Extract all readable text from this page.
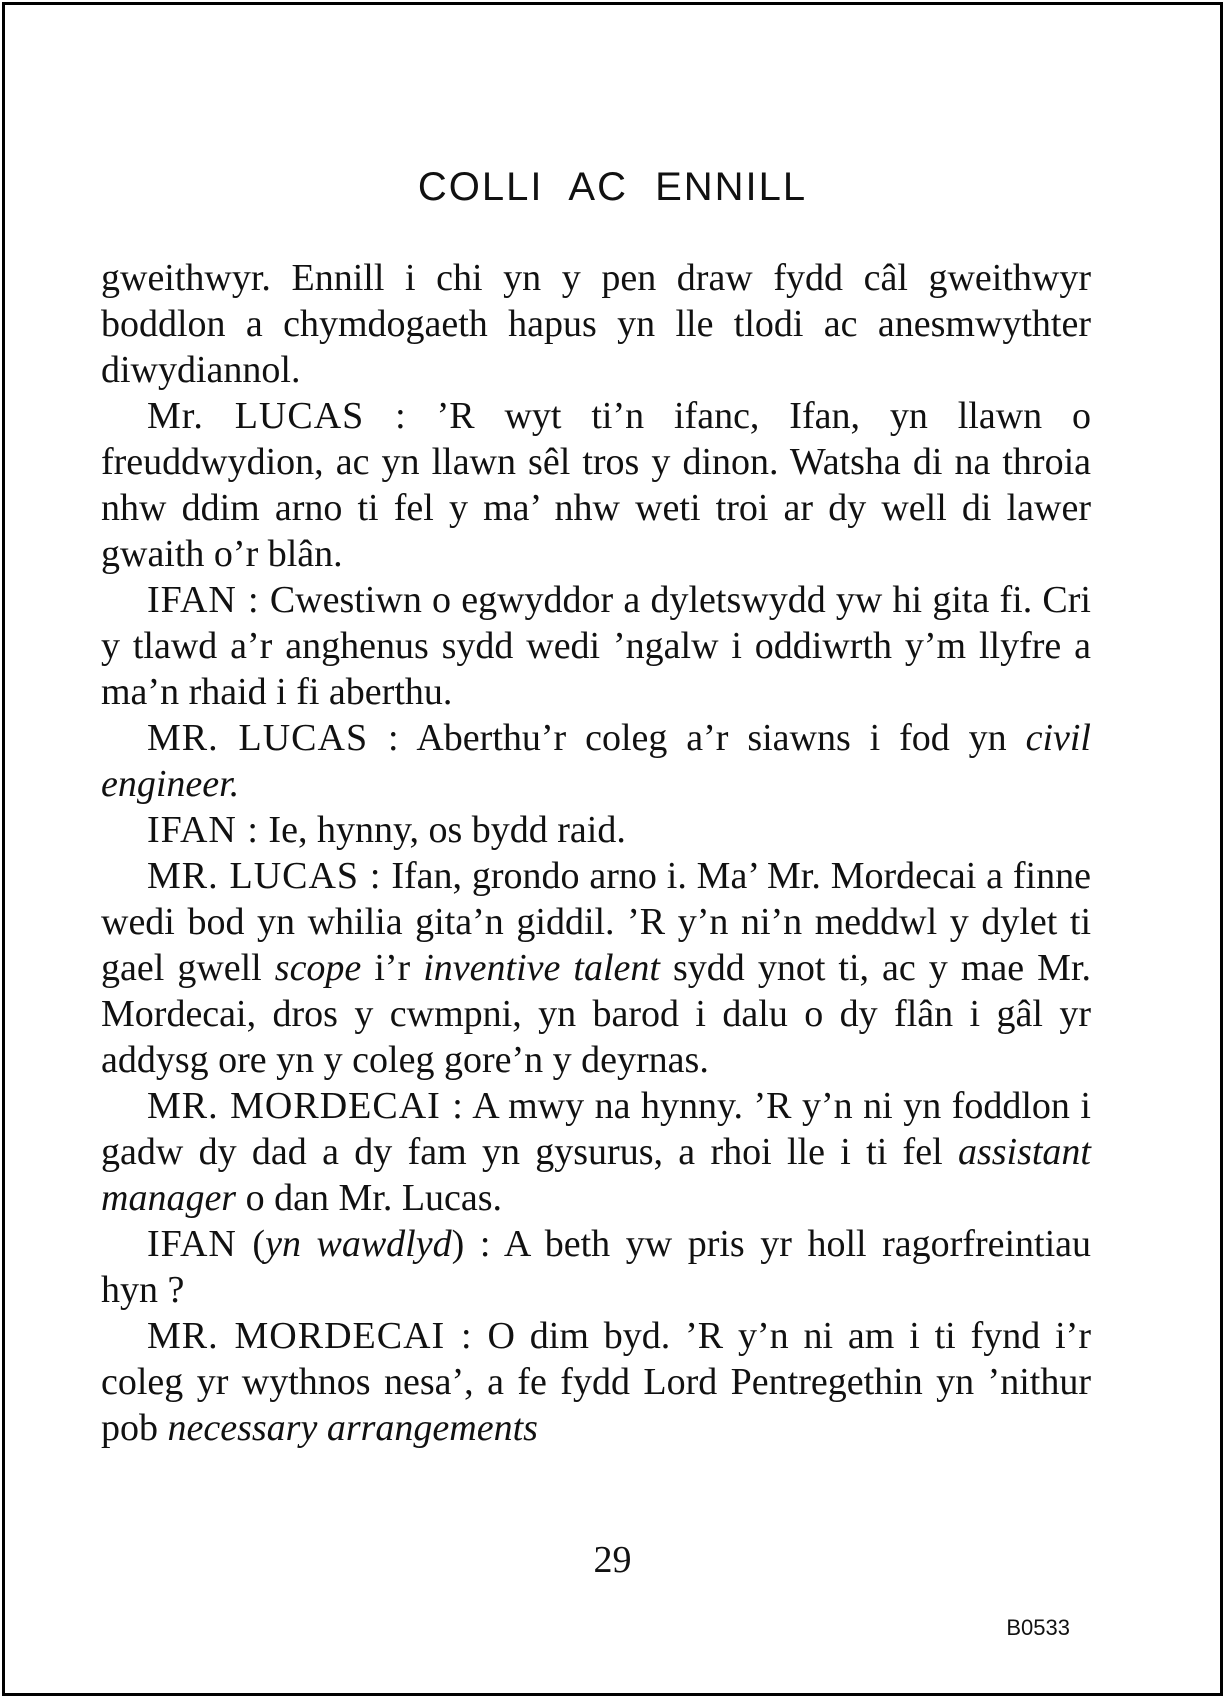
COLLI AC ENNILL

gweithwyr. Ennill i chi yn y pen draw fydd câl gweithwyr boddlon a chymdogaeth hapus yn lle tlodi ac anesmwythter diwydiannol.

Mr. LUCAS : ’R wyt ti’n ifanc, Ifan, yn llawn o freuddwydion, ac yn llawn sêl tros y dinon. Watsha di na throia nhw ddim arno ti fel y ma’ nhw weti troi ar dy well di lawer gwaith o’r blân.

IFAN : Cwestiwn o egwyddor a dyletswydd yw hi gita fi. Cri y tlawd a’r anghenus sydd wedi ’ngalw i oddiwrth y’m llyfre a ma’n rhaid i fi aberthu.

MR. LUCAS : Aberthu’r coleg a’r siawns i fod yn civil engineer.

IFAN : Ie, hynny, os bydd raid.

MR. LUCAS : Ifan, grondo arno i. Ma’ Mr. Mordecai a finne wedi bod yn whilia gita’n giddil. ’R y’n ni’n meddwl y dylet ti gael gwell scope i’r inventive talent sydd ynot ti, ac y mae Mr. Mordecai, dros y cwmpni, yn barod i dalu o dy flân i gâl yr addysg ore yn y coleg gore’n y deyrnas.

MR. MORDECAI : A mwy na hynny. ’R y’n ni yn foddlon i gadw dy dad a dy fam yn gysurus, a rhoi lle i ti fel assistant manager o dan Mr. Lucas.

IFAN (yn wawdlyd) : A beth yw pris yr holl ragorfreintiau hyn ?

MR. MORDECAI : O dim byd. ’R y’n ni am i ti fynd i’r coleg yr wythnos nesa’, a fe fydd Lord Pentregethin yn ’nithur pob necessary arrangements

29
B0533
